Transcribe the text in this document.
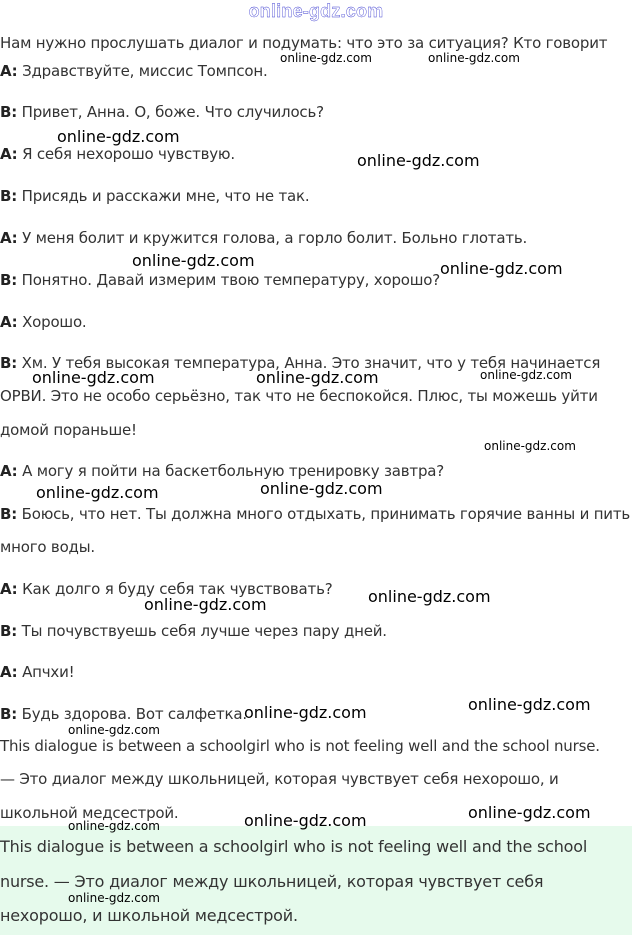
online-gdz.com
Нам нужно прослушать диалог и подумать: что это за ситуация? Кто говорит
A: Здравствуйте, миссис Томпсон.
B: Привет, Анна. О, боже. Что случилось?
A: Я себя нехорошо чувствую.
B: Присядь и расскажи мне, что не так.
A: У меня болит и кружится голова, а горло болит. Больно глотать.
B: Понятно. Давай измерим твою температуру, хорошо?
A: Хорошо.
B: Хм. У тебя высокая температура, Анна. Это значит, что у тебя начинается
ОРВИ. Это не особо серьёзно, так что не беспокойся. Плюс, ты можешь уйти
домой пораньше!
A: А могу я пойти на баскетбольную тренировку завтра?
B: Боюсь, что нет. Ты должна много отдыхать, принимать горячие ванны и пить
много воды.
A: Как долго я буду себя так чувствовать?
B: Ты почувствуешь себя лучше через пару дней.
A: Апчхи!
B: Будь здорова. Вот салфетка.
This dialogue is between a schoolgirl who is not feeling well and the school nurse.
— Это диалог между школьницей, которая чувствует себя нехорошо, и
школьной медсестрой.
This dialogue is between a schoolgirl who is not feeling well and the school
nurse. — Это диалог между школьницей, которая чувствует себя
нехорошо, и школьной медсестрой.
online-gdz.com	online-gdz.com
online-gdz.com
online-gdz.com
online-gdz.com	online-gdz.com
online-gdz.com	online-gdz.com	online-gdz.com
online-gdz.com
online-gdz.com	online-gdz.com
online-gdz.com	online-gdz.com
online-gdz.com
online-gdz.com
online-gdz.com
online-gdz.com
online-gdz.com
online-gdz.com
online-gdz.com
